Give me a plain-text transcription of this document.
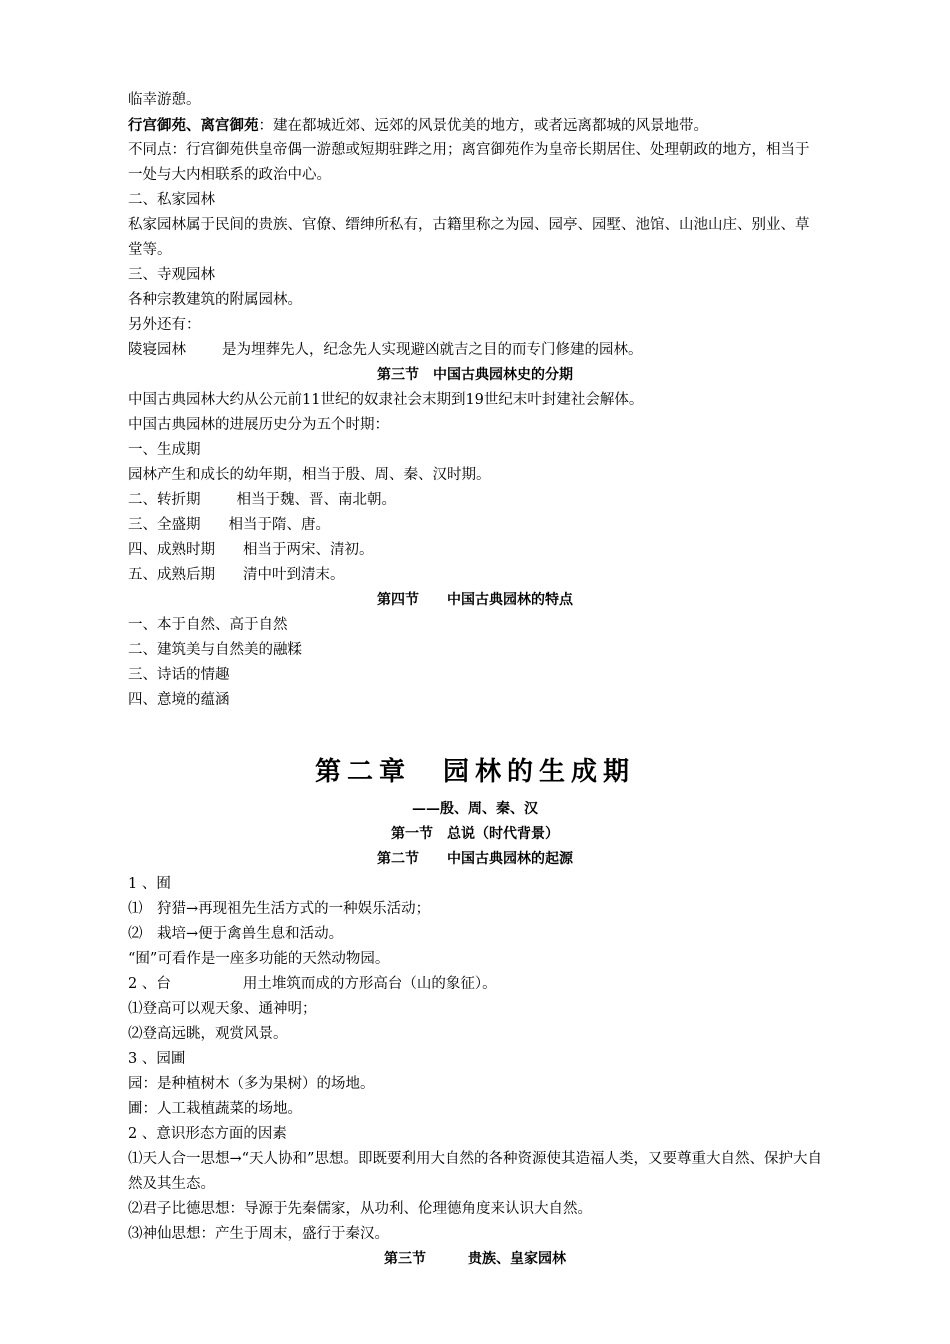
临幸游憩。
行宫御苑、离宫御苑：建在都城近郊、远郊的风景优美的地方，或者远离都城的风景地带。
不同点：行宫御苑供皇帝偶一游憩或短期驻跸之用；离宫御苑作为皇帝长期居住、处理朝政的地方，相当于一处与大内相联系的政治中心。
二、私家园林
私家园林属于民间的贵族、官僚、缙绅所私有，古籍里称之为园、园亭、园墅、池馆、山池山庄、别业、草堂等。
三、寺观园林
各种宗教建筑的附属园林。
另外还有：
陵寝园林 是为埋葬先人，纪念先人实现避凶就吉之目的而专门修建的园林。
第三节　中国古典园林史的分期
中国古典园林大约从公元前11世纪的奴隶社会末期到19世纪末叶封建社会解体。
中国古典园林的进展历史分为五个时期：
一、生成期
园林产生和成长的幼年期，相当于殷、周、秦、汉时期。
二、转折期 相当于魏、晋、南北朝。
三、全盛期 相当于隋、唐。
四、成熟时期 相当于两宋、清初。
五、成熟后期 清中叶到清末。
第四节　　中国古典园林的特点
一、本于自然、高于自然
二、建筑美与自然美的融糅
三、诗话的情趣
四、意境的蕴涵
第二章　园林的生成期
——殷、周、秦、汉
第一节　总说（时代背景）
第二节　　中国古典园林的起源
1 、囿
⑴　狩猎→再现祖先生活方式的一种娱乐活动；
⑵　栽培→便于禽兽生息和活动。
“囿”可看作是一座多功能的天然动物园。
2 、台	用土堆筑而成的方形高台（山的象征）。
⑴登高可以观天象、通神明；
⑵登高远眺，观赏风景。
3 、园圃
园：是种植树木（多为果树）的场地。
圃：人工栽植蔬菜的场地。
2 、意识形态方面的因素
⑴天人合一思想→“天人协和”思想。即既要利用大自然的各种资源使其造福人类，又要尊重大自然、保护大自然及其生态。
⑵君子比德思想：导源于先秦儒家，从功利、伦理德角度来认识大自然。
⑶神仙思想：产生于周末，盛行于秦汉。
第三节　　　贵族、皇家园林
